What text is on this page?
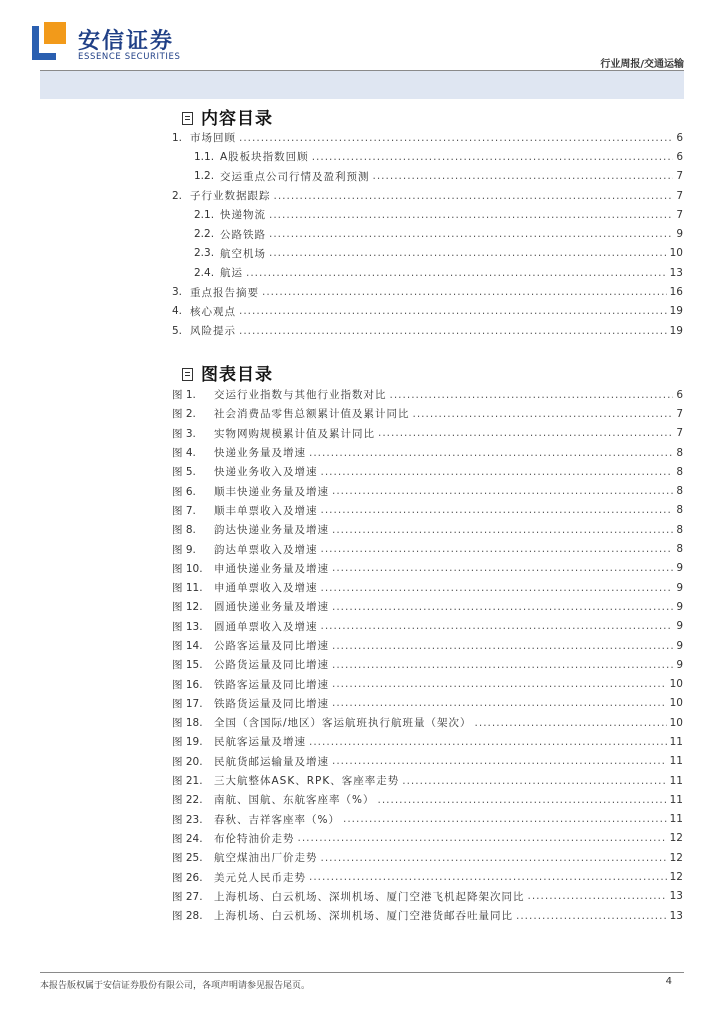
安信证券
ESSENCE SECURITIES
行业周报/交通运输
内容目录
1. 市场回顾 .....	6
1.1. A股板块指数回顾 .....	6
1.2. 交运重点公司行情及盈利预测 .....	7
2. 子行业数据跟踪 .....	7
2.1. 快递物流 .....	7
2.2. 公路铁路 .....	9
2.3. 航空机场 .....	10
2.4. 航运 .....	13
3. 重点报告摘要 .....	16
4. 核心观点 .....	19
5. 风险提示 .....	19
图表目录
图 1.	交运行业指数与其他行业指数对比 .....	6
图 2.	社会消费品零售总额累计值及累计同比 .....	7
图 3.	实物网购规模累计值及累计同比 .....	7
图 4.	快递业务量及增速 .....	8
图 5.	快递业务收入及增速 .....	8
图 6.	顺丰快递业务量及增速 .....	8
图 7.	顺丰单票收入及增速 .....	8
图 8.	韵达快递业务量及增速 .....	8
图 9.	韵达单票收入及增速 .....	8
图 10.	申通快递业务量及增速 .....	9
图 11.	申通单票收入及增速 .....	9
图 12.	圆通快递业务量及增速 .....	9
图 13.	圆通单票收入及增速 .....	9
图 14.	公路客运量及同比增速 .....	9
图 15.	公路货运量及同比增速 .....	9
图 16.	铁路客运量及同比增速 .....	10
图 17.	铁路货运量及同比增速 .....	10
图 18.	全国（含国际/地区）客运航班执行航班量（架次） .....	10
图 19.	民航客运量及增速 .....	11
图 20.	民航货邮运输量及增速 .....	11
图 21.	三大航整体ASK、RPK、客座率走势 .....	11
图 22.	南航、国航、东航客座率（%） .....	11
图 23.	春秋、吉祥客座率（%） .....	11
图 24.	布伦特油价走势 .....	12
图 25.	航空煤油出厂价走势 .....	12
图 26.	美元兑人民币走势 .....	12
图 27.	上海机场、白云机场、深圳机场、厦门空港飞机起降架次同比 .....	13
图 28.	上海机场、白云机场、深圳机场、厦门空港货邮吞吐量同比 .....	13
本报告版权属于安信证券股份有限公司，各项声明请参见报告尾页。	4
